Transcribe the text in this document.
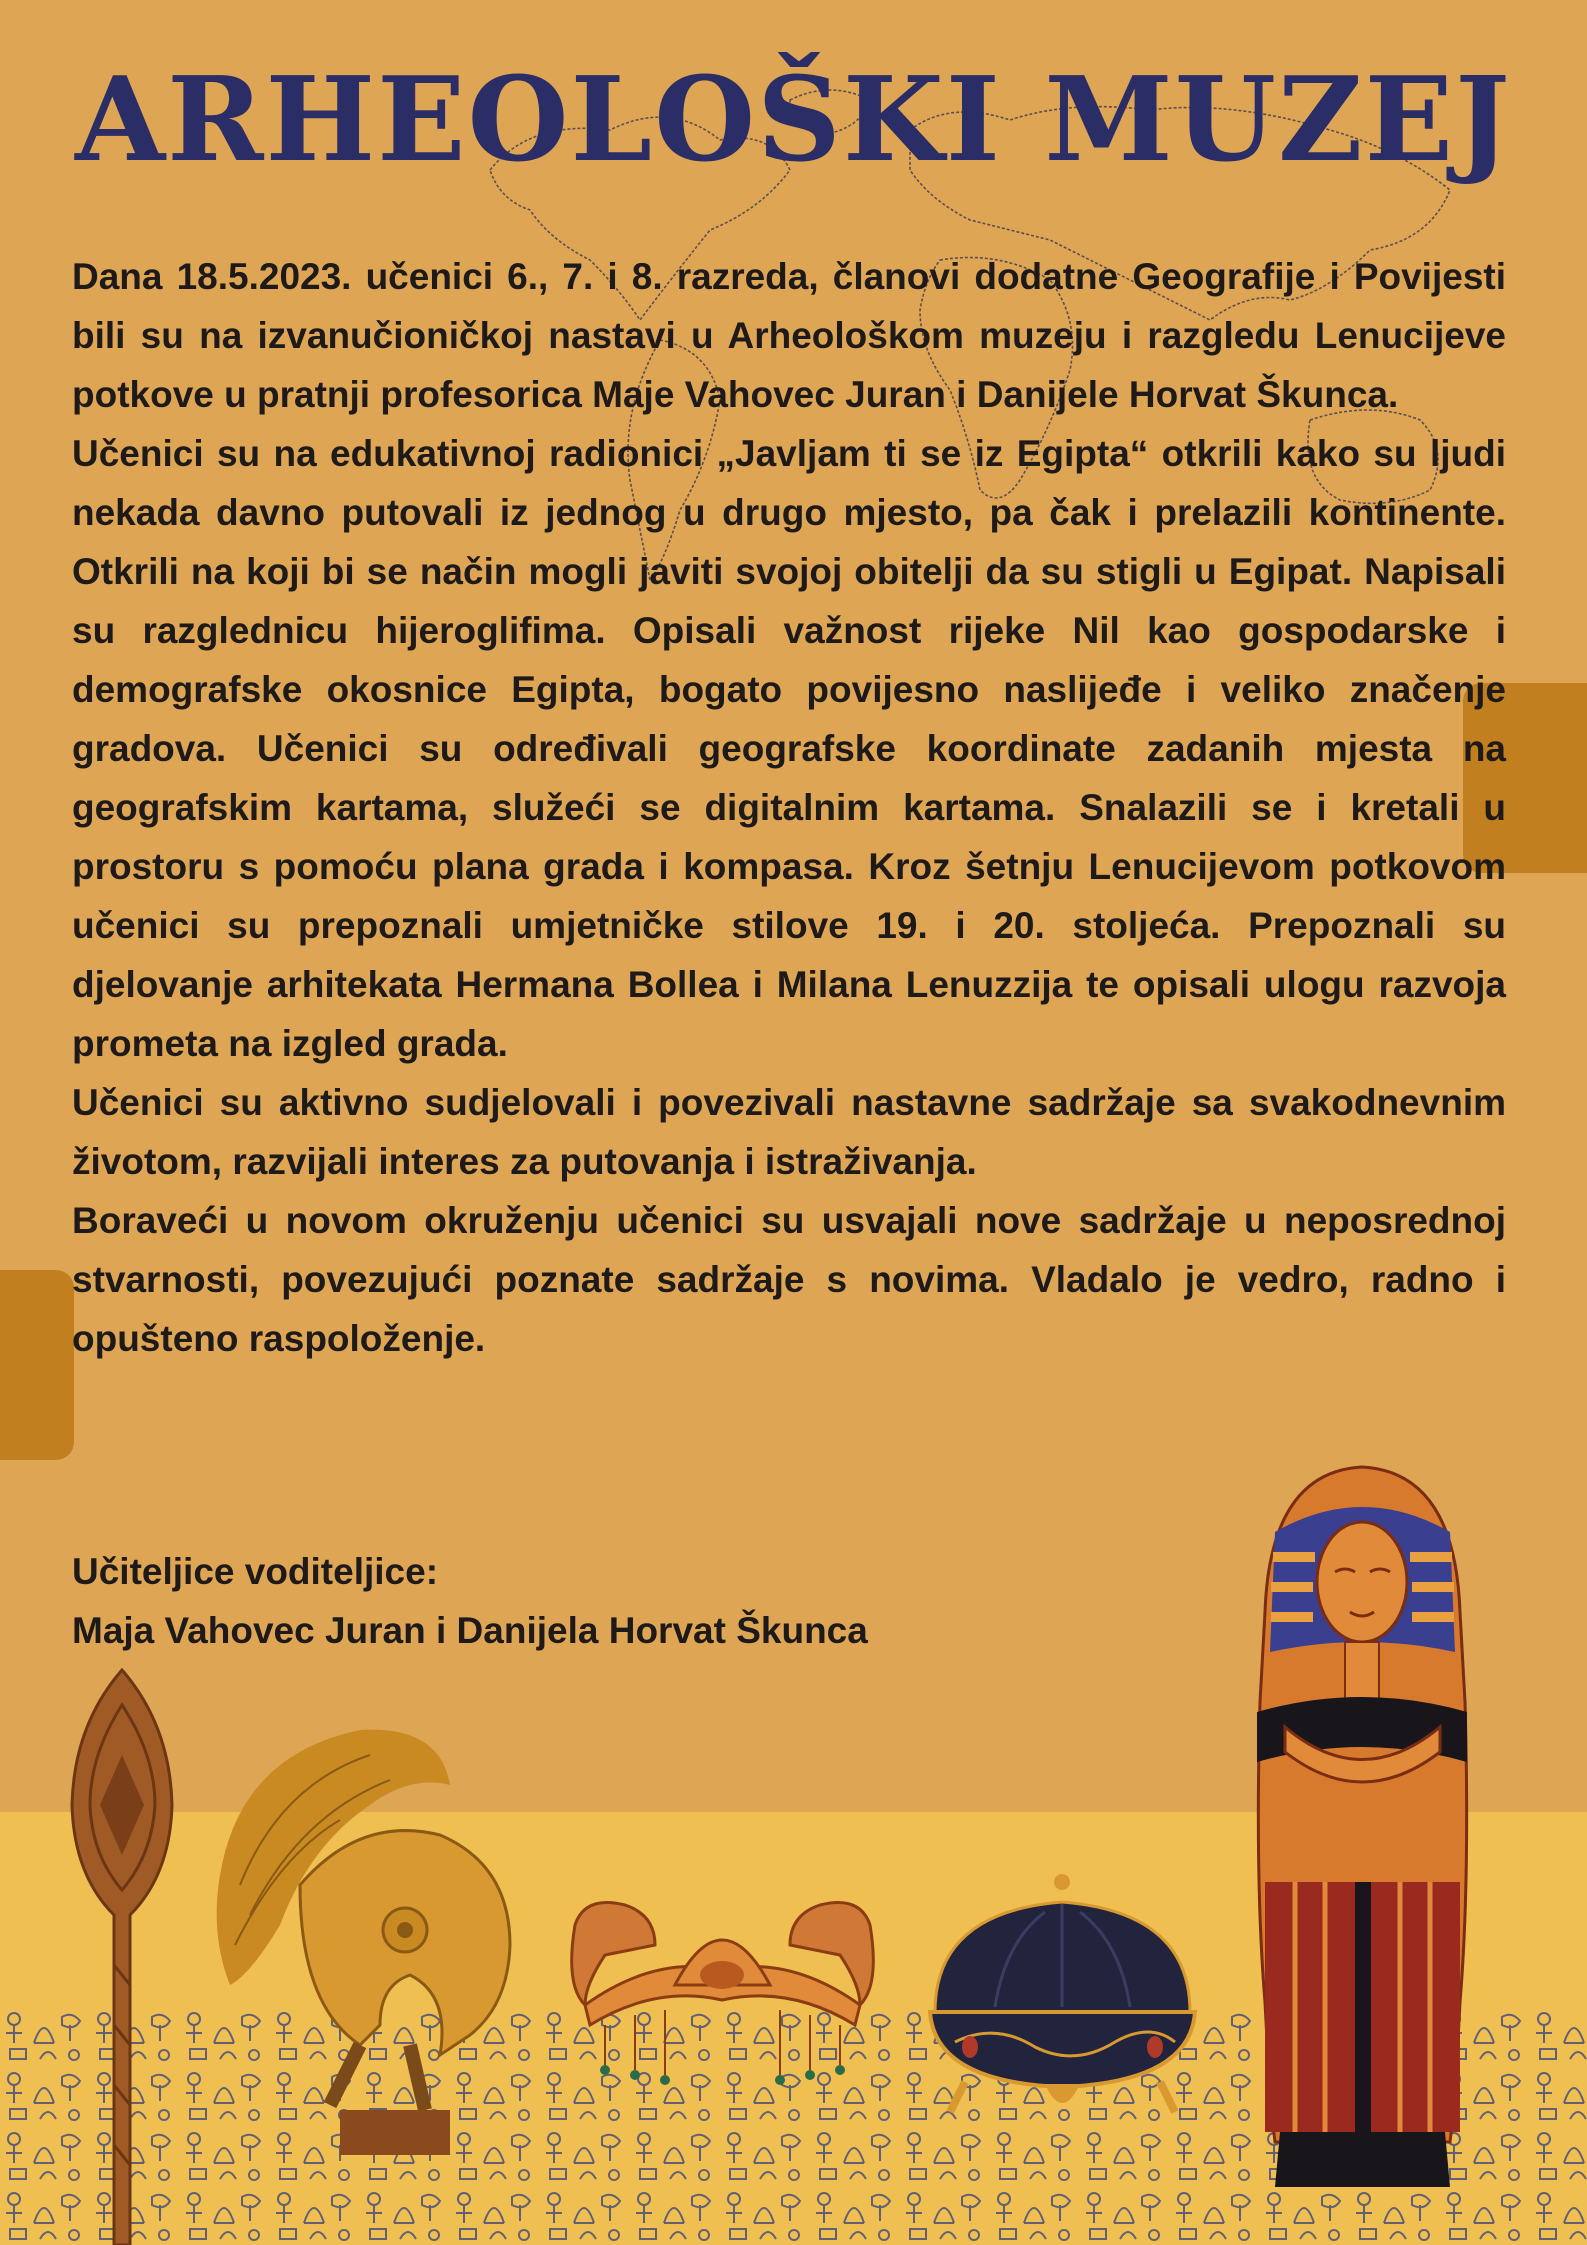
ARHEOLOŠKI MUZEJ

Dana 18.5.2023. učenici 6., 7. i 8. razreda, članovi dodatne Geografije i Povijesti bili su na izvanučioničkoj nastavi u Arheološkom muzeju i razgledu Lenucijeve potkove u pratnji profesorica Maje Vahovec Juran i Danijele Horvat Škunca.

Učenici su na edukativnoj radionici „Javljam ti se iz Egipta“ otkrili kako su ljudi nekada davno putovali iz jednog u drugo mjesto, pa čak i prelazili kontinente. Otkrili na koji bi se način mogli javiti svojoj obitelji da su stigli u Egipat. Napisali su razglednicu hijeroglifima. Opisali važnost rijeke Nil kao gospodarske i demografske okosnice Egipta, bogato povijesno naslijeđe i veliko značenje gradova. Učenici su određivali geografske koordinate zadanih mjesta na geografskim kartama, služeći se digitalnim kartama. Snalazili se i kretali u prostoru s pomoću plana grada i kompasa. Kroz šetnju Lenucijevom potkovom učenici su prepoznali umjetničke stilove 19. i 20. stoljeća. Prepoznali su djelovanje arhitekata Hermana Bollea i Milana Lenuzzija te opisali ulogu razvoja prometa na izgled grada.

Učenici su aktivno sudjelovali i povezivali nastavne sadržaje sa svakodnevnim životom, razvijali interes za putovanja i istraživanja.

Boraveći u novom okruženju učenici su usvajali nove sadržaje u neposrednoj stvarnosti, povezujući poznate sadržaje s novima. Vladalo je vedro, radno i opušteno raspoloženje.

Učiteljice voditeljice:

Maja Vahovec Juran i Danijela Horvat Škunca
